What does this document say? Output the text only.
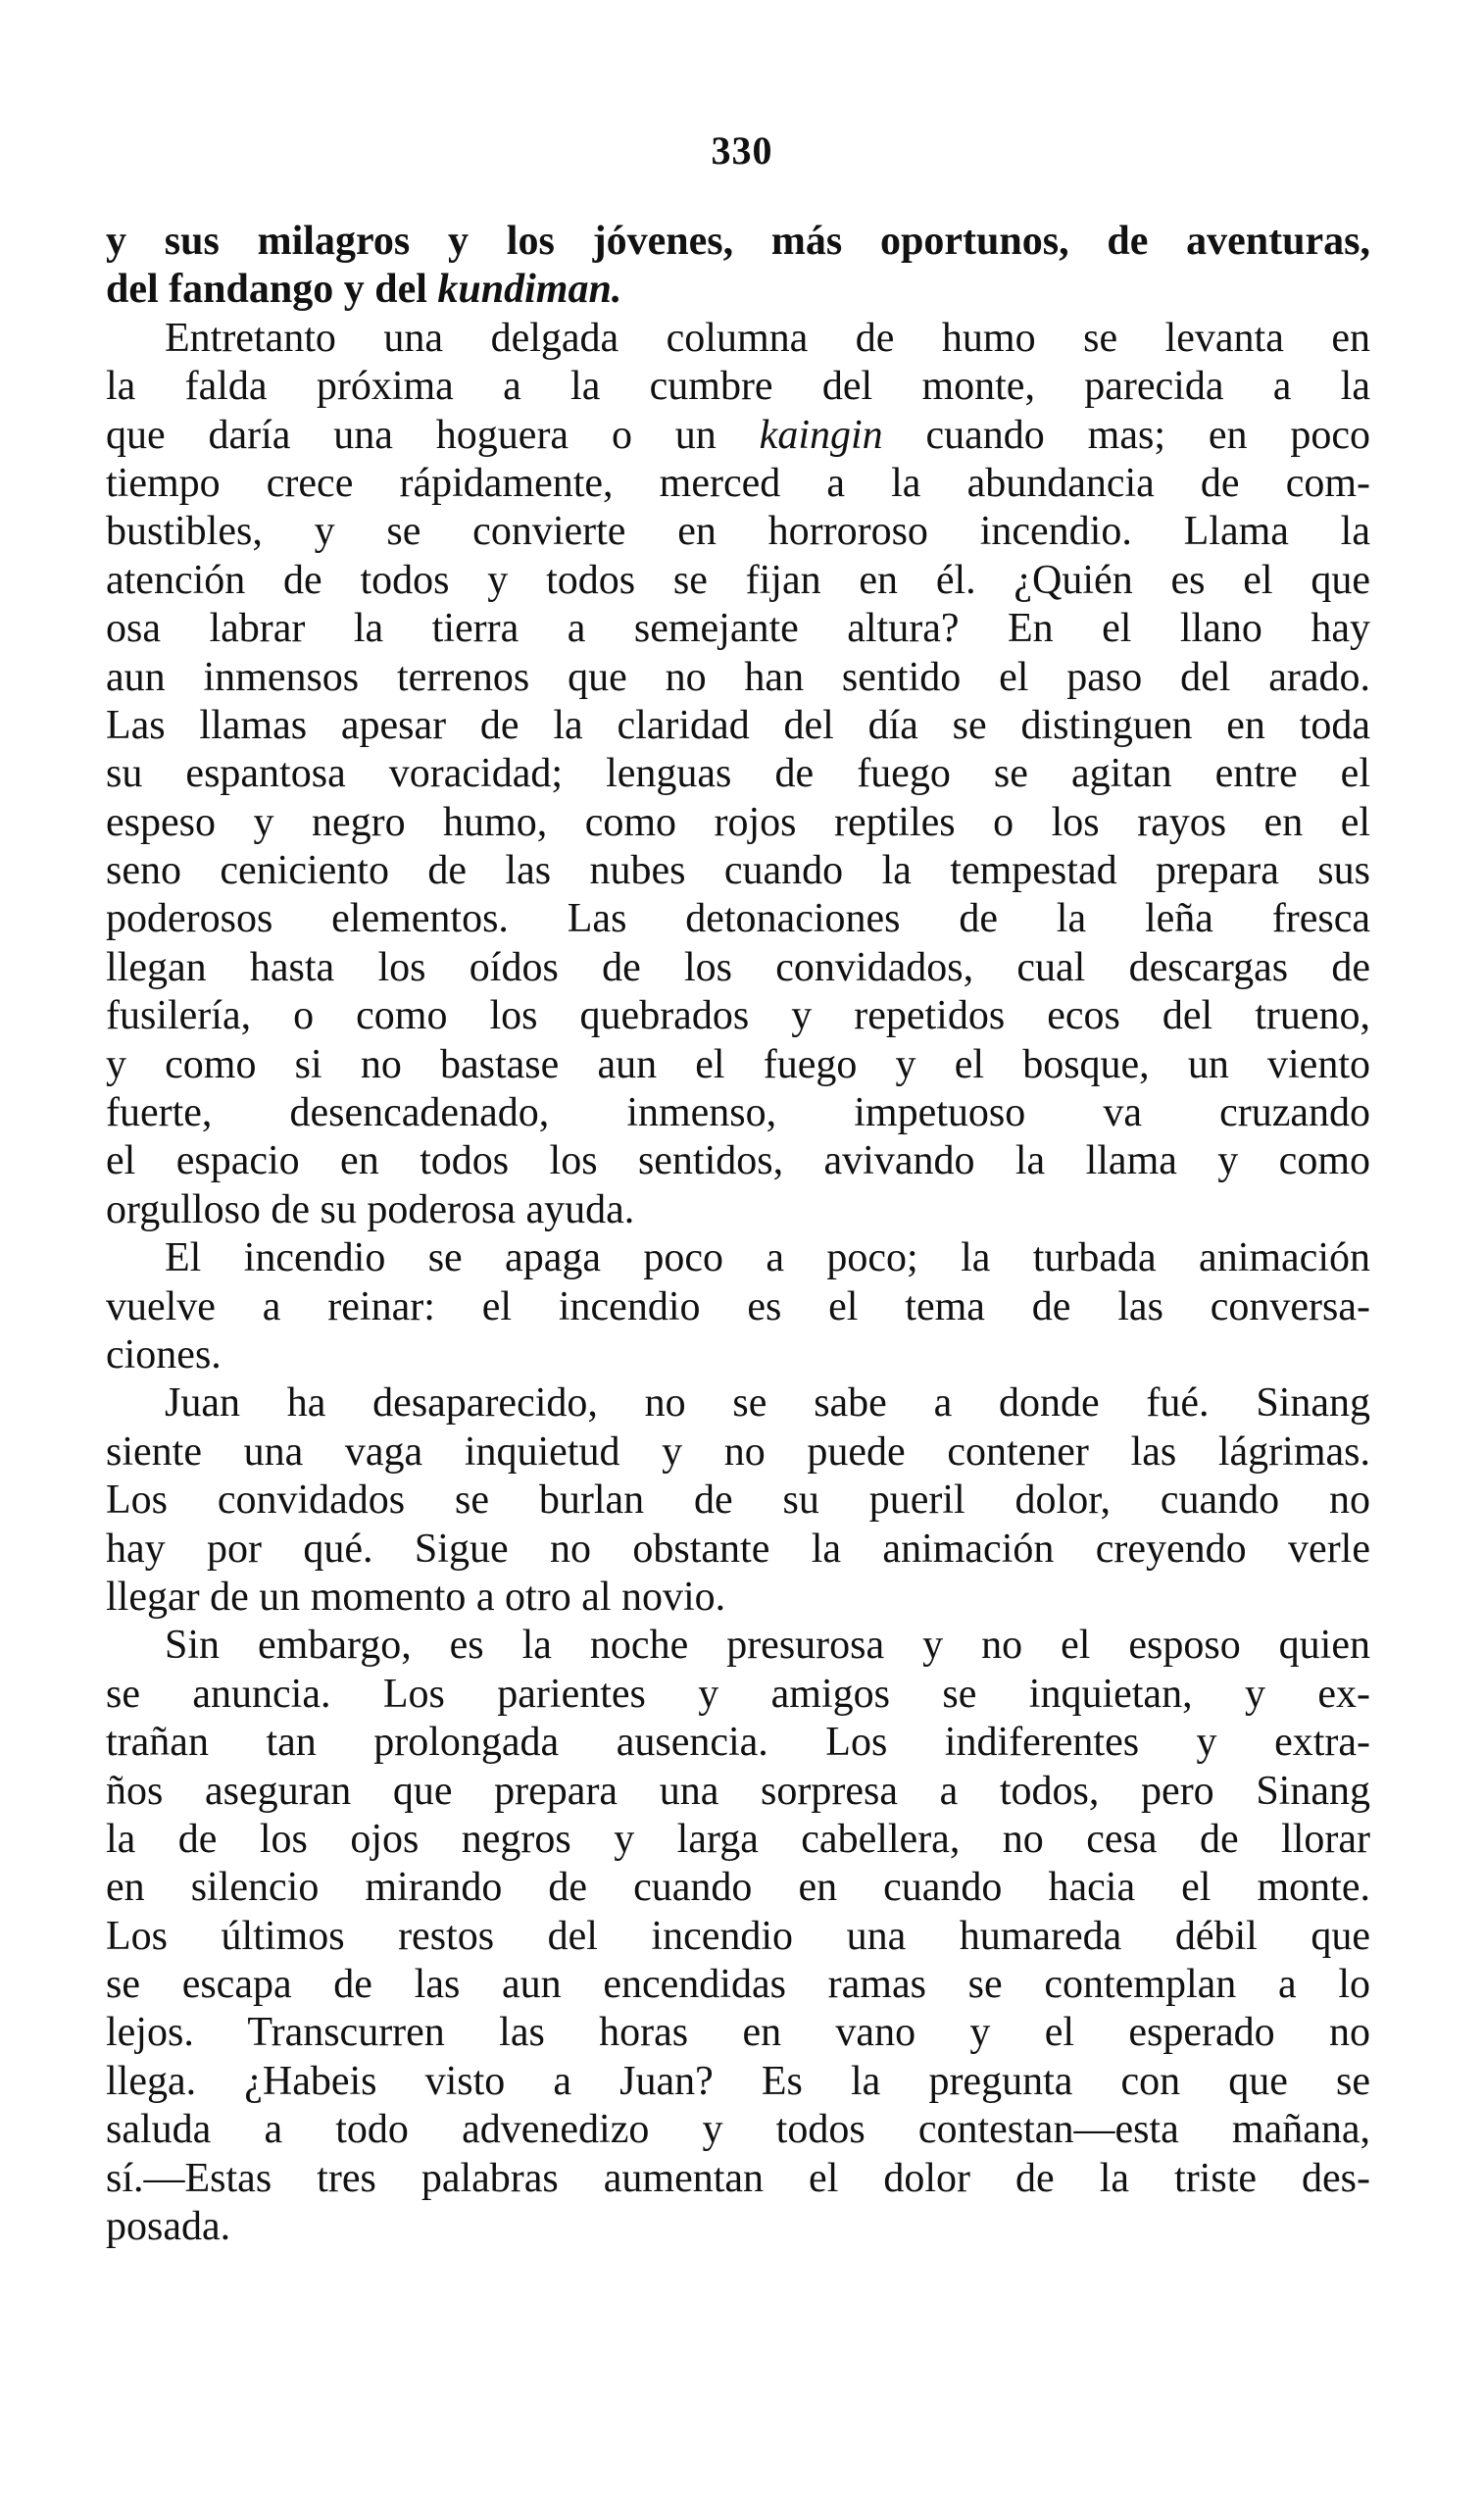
330
y sus milagros y los jóvenes, más oportunos, de aventuras,
del fandango y del kundiman.
Entretanto una delgada columna de humo se levanta en
la falda próxima a la cumbre del monte, parecida a la
que daría una hoguera o un kaingin cuando mas; en poco
tiempo crece rápidamente, merced a la abundancia de com-
bustibles, y se convierte en horroroso incendio. Llama la
atención de todos y todos se fijan en él. ¿Quién es el que
osa labrar la tierra a semejante altura? En el llano hay
aun inmensos terrenos que no han sentido el paso del arado.
Las llamas apesar de la claridad del día se distinguen en toda
su espantosa voracidad; lenguas de fuego se agitan entre el
espeso y negro humo, como rojos reptiles o los rayos en el
seno ceniciento de las nubes cuando la tempestad prepara sus
poderosos elementos. Las detonaciones de la leña fresca
llegan hasta los oídos de los convidados, cual descargas de
fusilería, o como los quebrados y repetidos ecos del trueno,
y como si no bastase aun el fuego y el bosque, un viento
fuerte, desencadenado, inmenso, impetuoso va cruzando
el espacio en todos los sentidos, avivando la llama y como
orgulloso de su poderosa ayuda.
El incendio se apaga poco a poco; la turbada animación
vuelve a reinar: el incendio es el tema de las conversa-
ciones.
Juan ha desaparecido, no se sabe a donde fué. Sinang
siente una vaga inquietud y no puede contener las lágrimas.
Los convidados se burlan de su pueril dolor, cuando no
hay por qué. Sigue no obstante la animación creyendo verle
llegar de un momento a otro al novio.
Sin embargo, es la noche presurosa y no el esposo quien
se anuncia. Los parientes y amigos se inquietan, y ex-
trañan tan prolongada ausencia. Los indiferentes y extra-
ños aseguran que prepara una sorpresa a todos, pero Sinang
la de los ojos negros y larga cabellera, no cesa de llorar
en silencio mirando de cuando en cuando hacia el monte.
Los últimos restos del incendio una humareda débil que
se escapa de las aun encendidas ramas se contemplan a lo
lejos. Transcurren las horas en vano y el esperado no
llega. ¿Habeis visto a Juan? Es la pregunta con que se
saluda a todo advenedizo y todos contestan—esta mañana,
sí.—Estas tres palabras aumentan el dolor de la triste des-
posada.
